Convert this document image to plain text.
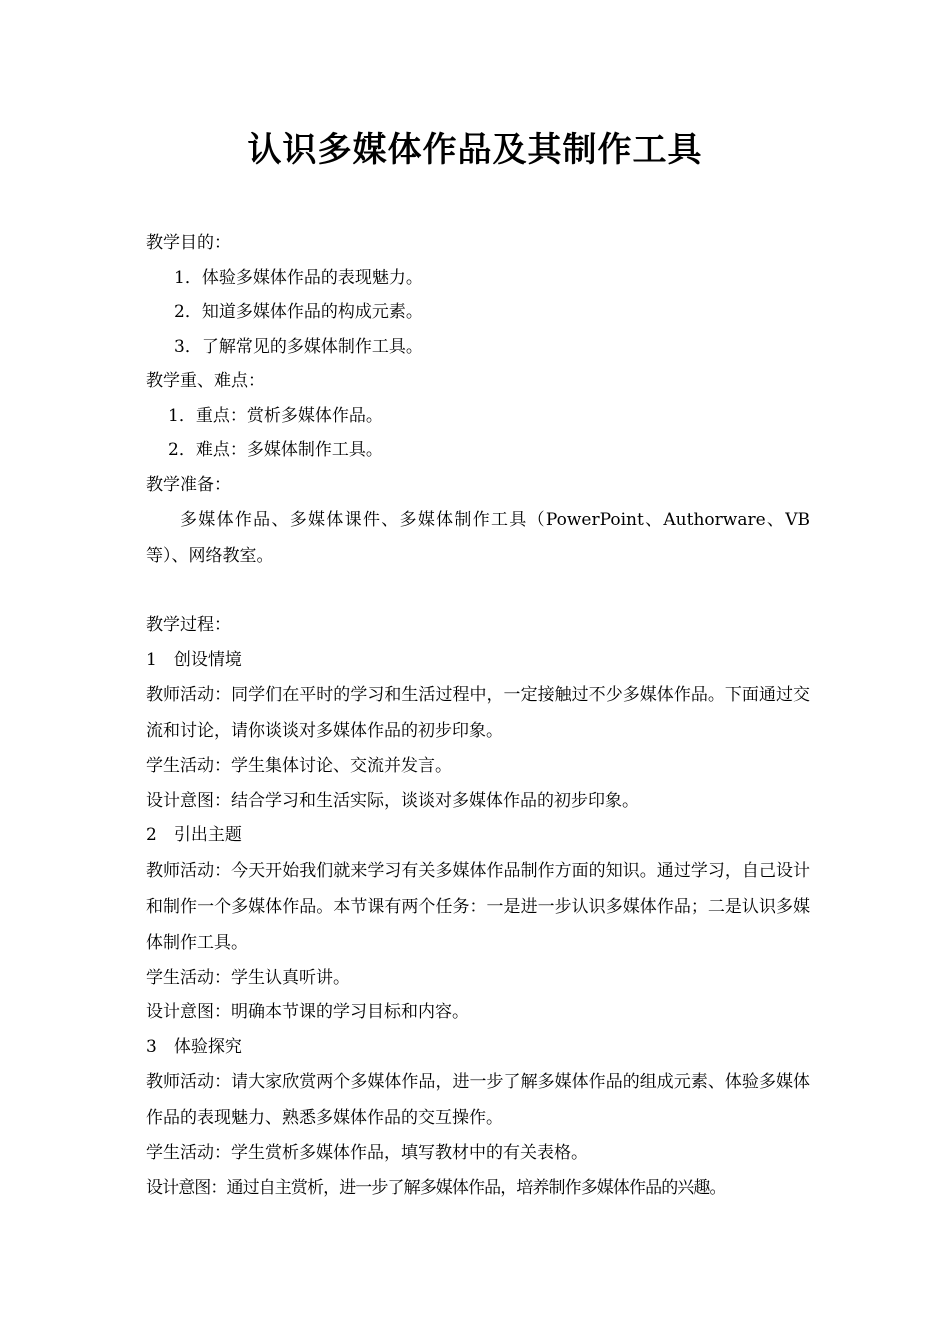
认识多媒体作品及其制作工具
教学目的：
1．体验多媒体作品的表现魅力。
2．知道多媒体作品的构成元素。
3．了解常见的多媒体制作工具。
教学重、难点：
1．重点：赏析多媒体作品。
2．难点：多媒体制作工具。
教学准备：
多媒体作品、多媒体课件、多媒体制作工具（PowerPoint、Authorware、VB等）、网络教室。
教学过程：
1　创设情境
教师活动：同学们在平时的学习和生活过程中，一定接触过不少多媒体作品。下面通过交流和讨论，请你谈谈对多媒体作品的初步印象。
学生活动：学生集体讨论、交流并发言。
设计意图：结合学习和生活实际，谈谈对多媒体作品的初步印象。
2　引出主题
教师活动：今天开始我们就来学习有关多媒体作品制作方面的知识。通过学习，自己设计和制作一个多媒体作品。本节课有两个任务：一是进一步认识多媒体作品；二是认识多媒体制作工具。
学生活动：学生认真听讲。
设计意图：明确本节课的学习目标和内容。
3　体验探究
教师活动：请大家欣赏两个多媒体作品，进一步了解多媒体作品的组成元素、体验多媒体作品的表现魅力、熟悉多媒体作品的交互操作。
学生活动：学生赏析多媒体作品，填写教材中的有关表格。
设计意图：通过自主赏析，进一步了解多媒体作品，培养制作多媒体作品的兴趣。
